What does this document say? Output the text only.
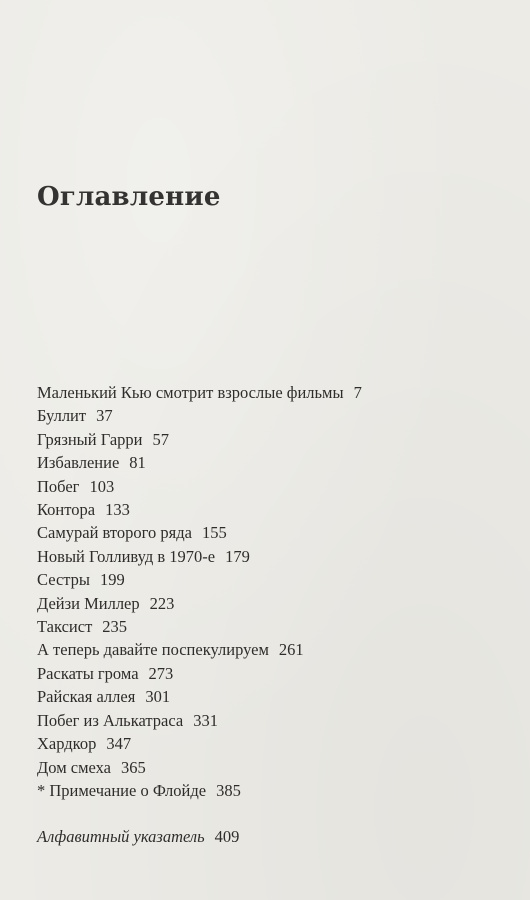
Оглавление
Маленький Кью смотрит взрослые фильмы 7
Буллит 37
Грязный Гарри 57
Избавление 81
Побег 103
Контора 133
Самурай второго ряда 155
Новый Голливуд в 1970-е 179
Сестры 199
Дейзи Миллер 223
Таксист 235
А теперь давайте поспекулируем 261
Раскаты грома 273
Райская аллея 301
Побег из Алькатраса 331
Хардкор 347
Дом смеха 365
* Примечание о Флойде 385

Алфавитный указатель 409
